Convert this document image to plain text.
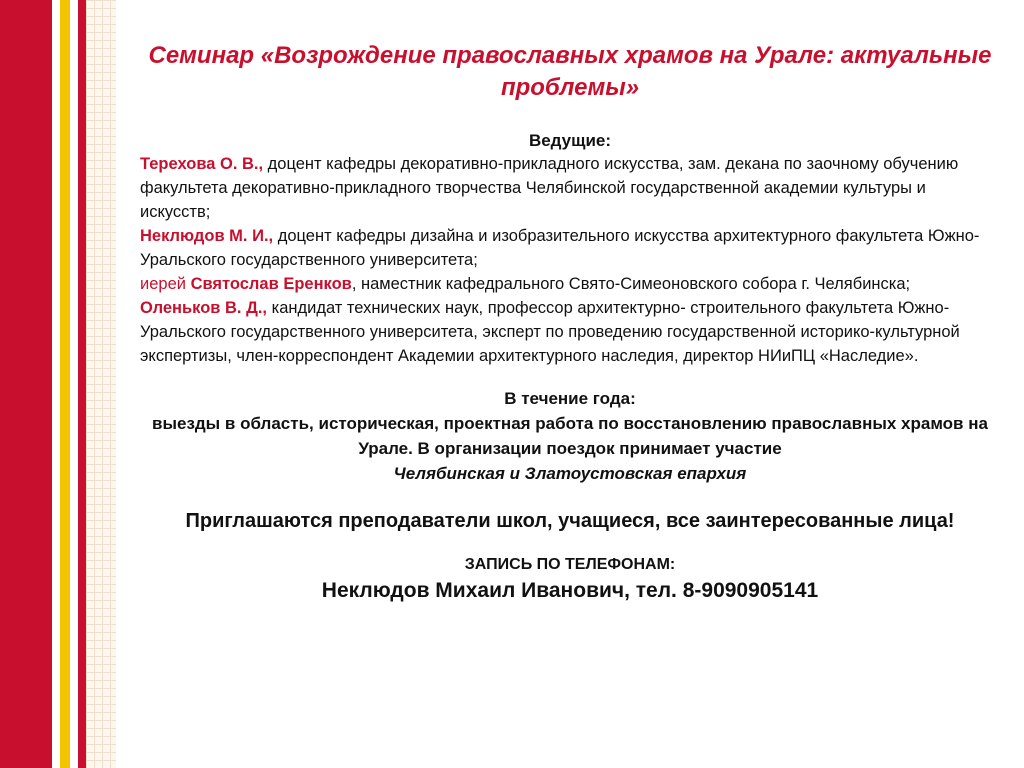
Семинар «Возрождение православных храмов на Урале: актуальные проблемы»
Ведущие:
Терехова О. В., доцент кафедры декоративно-прикладного искусства, зам. декана по заочному обучению факультета декоративно-прикладного творчества Челябинской государственной академии культуры и искусств;
Неклюдов М. И., доцент кафедры дизайна и изобразительного искусства архитектурного факультета Южно-Уральского государственного университета;
иерей Святослав Еренков, наместник кафедрального Свято-Симеоновского собора г. Челябинска;
Оленьков В. Д., кандидат технических наук, профессор архитектурно- строительного факультета Южно-Уральского государственного университета, эксперт по проведению государственной историко-культурной экспертизы, член-корреспондент Академии архитектурного наследия, директор НИиПЦ «Наследие».
В течение года:
выезды в область, историческая, проектная работа по восстановлению православных храмов на Урале. В организации поездок принимает участие
Челябинская и Златоустовская епархия
Приглашаются преподаватели школ, учащиеся, все заинтересованные лица!
ЗАПИСЬ ПО ТЕЛЕФОНАМ:
Неклюдов Михаил Иванович, тел. 8-9090905141
